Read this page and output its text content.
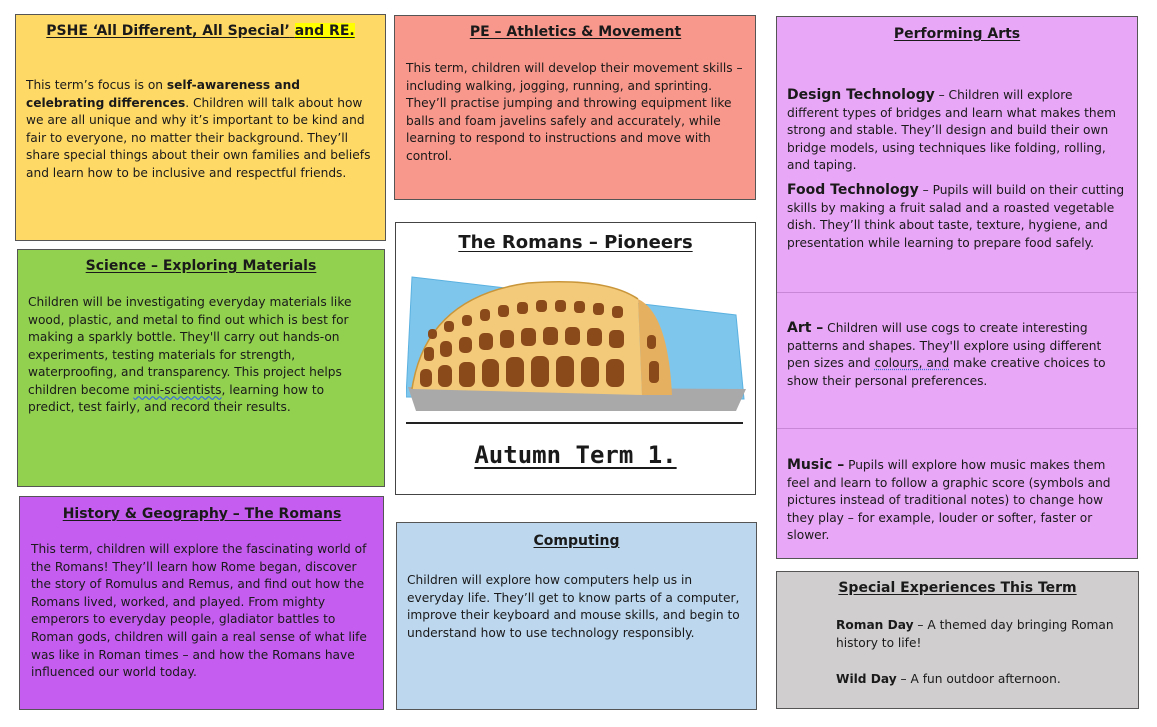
PSHE ‘All Different, All Special’ and RE.

This term’s focus is on self-awareness and celebrating differences. Children will talk about how we are all unique and why it’s important to be kind and fair to everyone, no matter their background. They’ll share special things about their own families and beliefs and learn how to be inclusive and respectful friends.

PE – Athletics & Movement

This term, children will develop their movement skills – including walking, jogging, running, and sprinting. They’ll practise jumping and throwing equipment like balls and foam javelins safely and accurately, while learning to respond to instructions and move with control.

Science – Exploring Materials

Children will be investigating everyday materials like wood, plastic, and metal to find out which is best for making a sparkly bottle. They'll carry out hands-on experiments, testing materials for strength, waterproofing, and transparency. This project helps children become mini-scientists, learning how to predict, test fairly, and record their results.

History & Geography – The Romans

This term, children will explore the fascinating world of the Romans! They’ll learn how Rome began, discover the story of Romulus and Remus, and find out how the Romans lived, worked, and played. From mighty emperors to everyday people, gladiator battles to Roman gods, children will gain a real sense of what life was like in Roman times – and how the Romans have influenced our world today.

The Romans – Pioneers
Autumn Term 1.
Computing

Children will explore how computers help us in everyday life. They’ll get to know parts of a computer, improve their keyboard and mouse skills, and begin to understand how to use technology responsibly.

Performing Arts

Design Technology – Children will explore different types of bridges and learn what makes them strong and stable. They’ll design and build their own bridge models, using techniques like folding, rolling, and taping.

Food Technology – Pupils will build on their cutting skills by making a fruit salad and a roasted vegetable dish. They’ll think about taste, texture, hygiene, and presentation while learning to prepare food safely.

Art – Children will use cogs to create interesting patterns and shapes. They'll explore using different pen sizes and colours, and make creative choices to show their personal preferences.

Music – Pupils will explore how music makes them feel and learn to follow a graphic score (symbols and pictures instead of traditional notes) to change how they play – for example, louder or softer, faster or slower.

Special Experiences This Term

Roman Day – A themed day bringing Roman history to life!

Wild Day – A fun outdoor afternoon.
